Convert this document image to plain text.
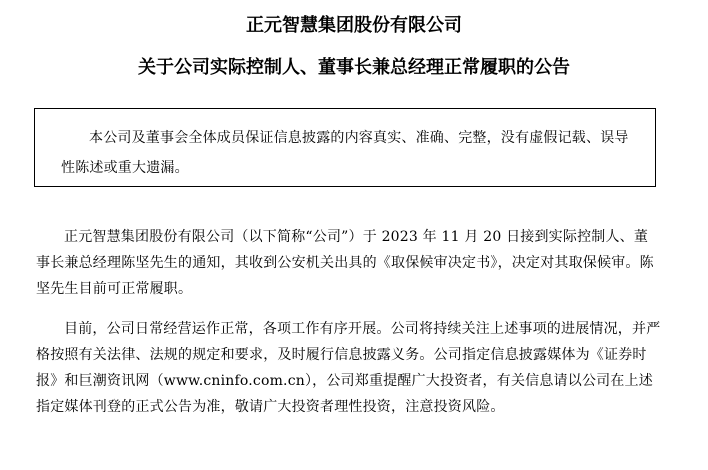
正元智慧集团股份有限公司
关于公司实际控制人、董事长兼总经理正常履职的公告

本公司及董事会全体成员保证信息披露的内容真实、准确、完整，没有虚假记载、误导性陈述或重大遗漏。

正元智慧集团股份有限公司（以下简称“公司”）于 2023 年 11 月 20 日接到实际控制人、董事长兼总经理陈坚先生的通知，其收到公安机关出具的《取保候审决定书》，决定对其取保候审。陈坚先生目前可正常履职。

目前，公司日常经营运作正常，各项工作有序开展。公司将持续关注上述事项的进展情况，并严格按照有关法律、法规的规定和要求，及时履行信息披露义务。公司指定信息披露媒体为《证券时报》和巨潮资讯网（www.cninfo.com.cn），公司郑重提醒广大投资者，有关信息请以公司在上述指定媒体刊登的正式公告为准，敬请广大投资者理性投资，注意投资风险。
